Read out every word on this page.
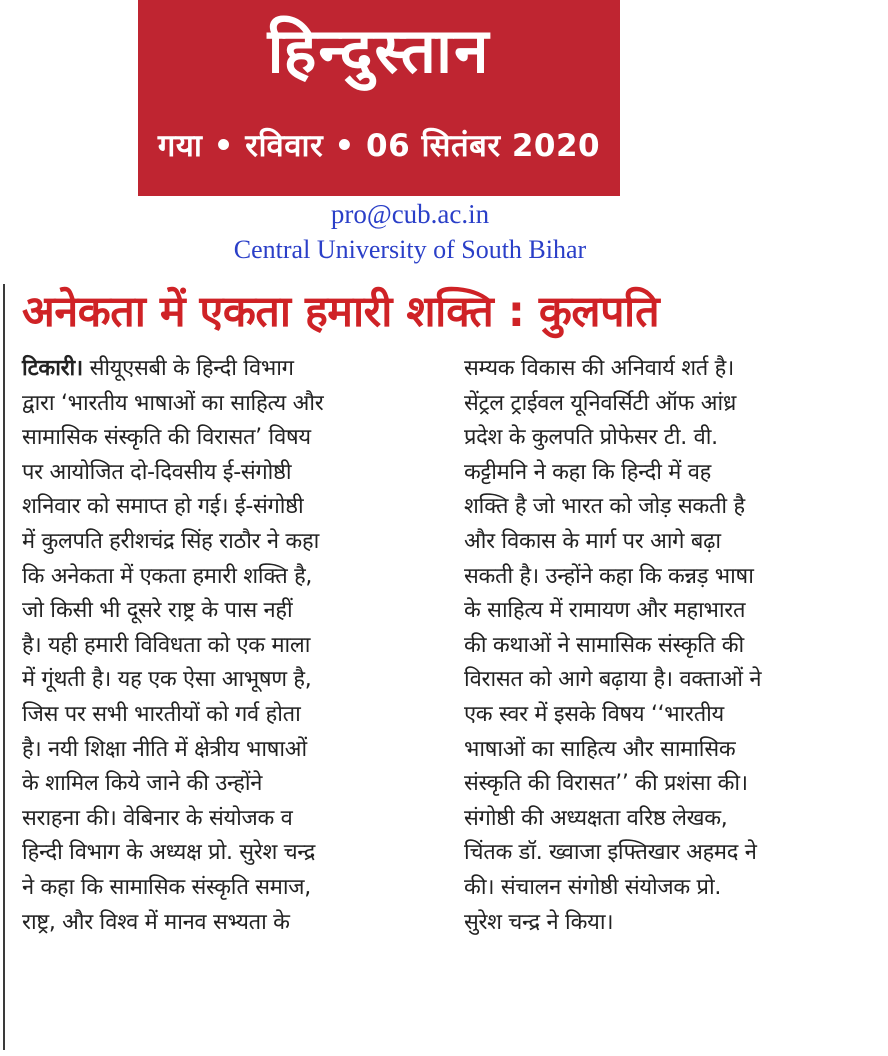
हिन्दुस्तान
गया • रविवार • 06 सितंबर 2020
pro@cub.ac.in
Central University of South Bihar
अनेकता में एकता हमारी शक्ति : कुलपति
टिकारी। सीयूएसबी के हिन्दी विभाग
द्वारा ‘भारतीय भाषाओं का साहित्य और
सामासिक संस्कृति की विरासत’ विषय
पर आयोजित दो-दिवसीय ई-संगोष्ठी
शनिवार को समाप्त हो गई। ई-संगोष्ठी
में कुलपति हरीशचंद्र सिंह राठौर ने कहा
कि अनेकता में एकता हमारी शक्ति है,
जो किसी भी दूसरे राष्ट्र के पास नहीं
है। यही हमारी विविधता को एक माला
में गूंथती है। यह एक ऐसा आभूषण है,
जिस पर सभी भारतीयों को गर्व होता
है। नयी शिक्षा नीति में क्षेत्रीय भाषाओं
के शामिल किये जाने की उन्होंने
सराहना की। वेबिनार के संयोजक व
हिन्दी विभाग के अध्यक्ष प्रो. सुरेश चन्द्र
ने कहा कि सामासिक संस्कृति समाज,
राष्ट्र, और विश्व में मानव सभ्यता के
सम्यक विकास की अनिवार्य शर्त है।
सेंट्रल ट्राईवल यूनिवर्सिटी ऑफ आंध्र
प्रदेश के कुलपति प्रोफेसर टी. वी.
कट्टीमनि ने कहा कि हिन्दी में वह
शक्ति है जो भारत को जोड़ सकती है
और विकास के मार्ग पर आगे बढ़ा
सकती है। उन्होंने कहा कि कन्नड़ भाषा
के साहित्य में रामायण और महाभारत
की कथाओं ने सामासिक संस्कृति की
विरासत को आगे बढ़ाया है। वक्ताओं ने
एक स्वर में इसके विषय ‘‘भारतीय
भाषाओं का साहित्य और सामासिक
संस्कृति की विरासत’’ की प्रशंसा की।
संगोष्ठी की अध्यक्षता वरिष्ठ लेखक,
चिंतक डॉ. ख्वाजा इफ्तिखार अहमद ने
की। संचालन संगोष्ठी संयोजक प्रो.
सुरेश चन्द्र ने किया।
